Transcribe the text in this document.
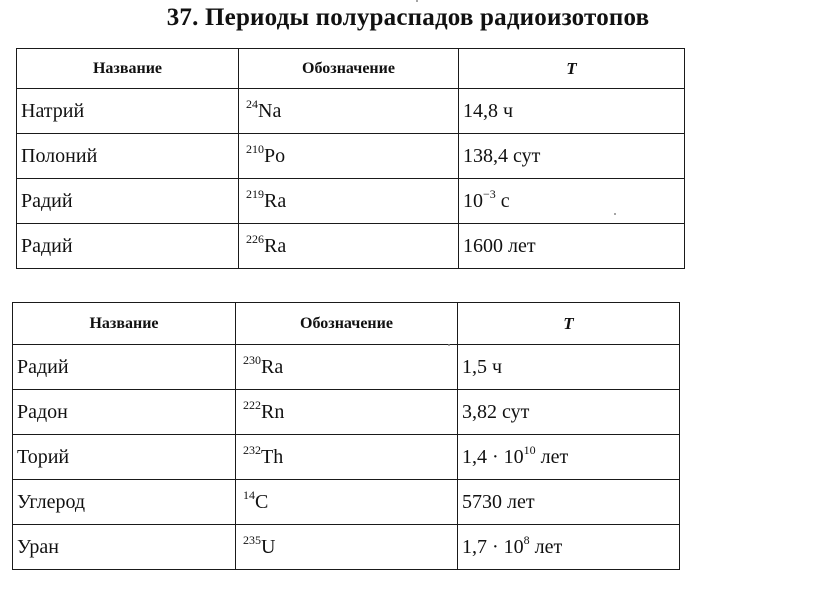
37. Периоды полураспадов радиоизотопов
Название	Обозначение	T
Натрий	$^{24}$Na	14,8 ч
Полоний	$^{210}$Po	138,4 сут
Радий	$^{219}$Ra	$10^{-3}$ с
Радий	$^{226}$Ra	1600 лет
Название	Обозначение	T
Радий	$^{230}$Ra	1,5 ч
Радон	$^{222}$Rn	3,82 сут
Торий	$^{232}$Th	$1,4 \cdot 10^{10}$ лет
Углерод	$^{14}$C	5730 лет
Уран	$^{235}$U	$1,7 \cdot 10^8$ лет
